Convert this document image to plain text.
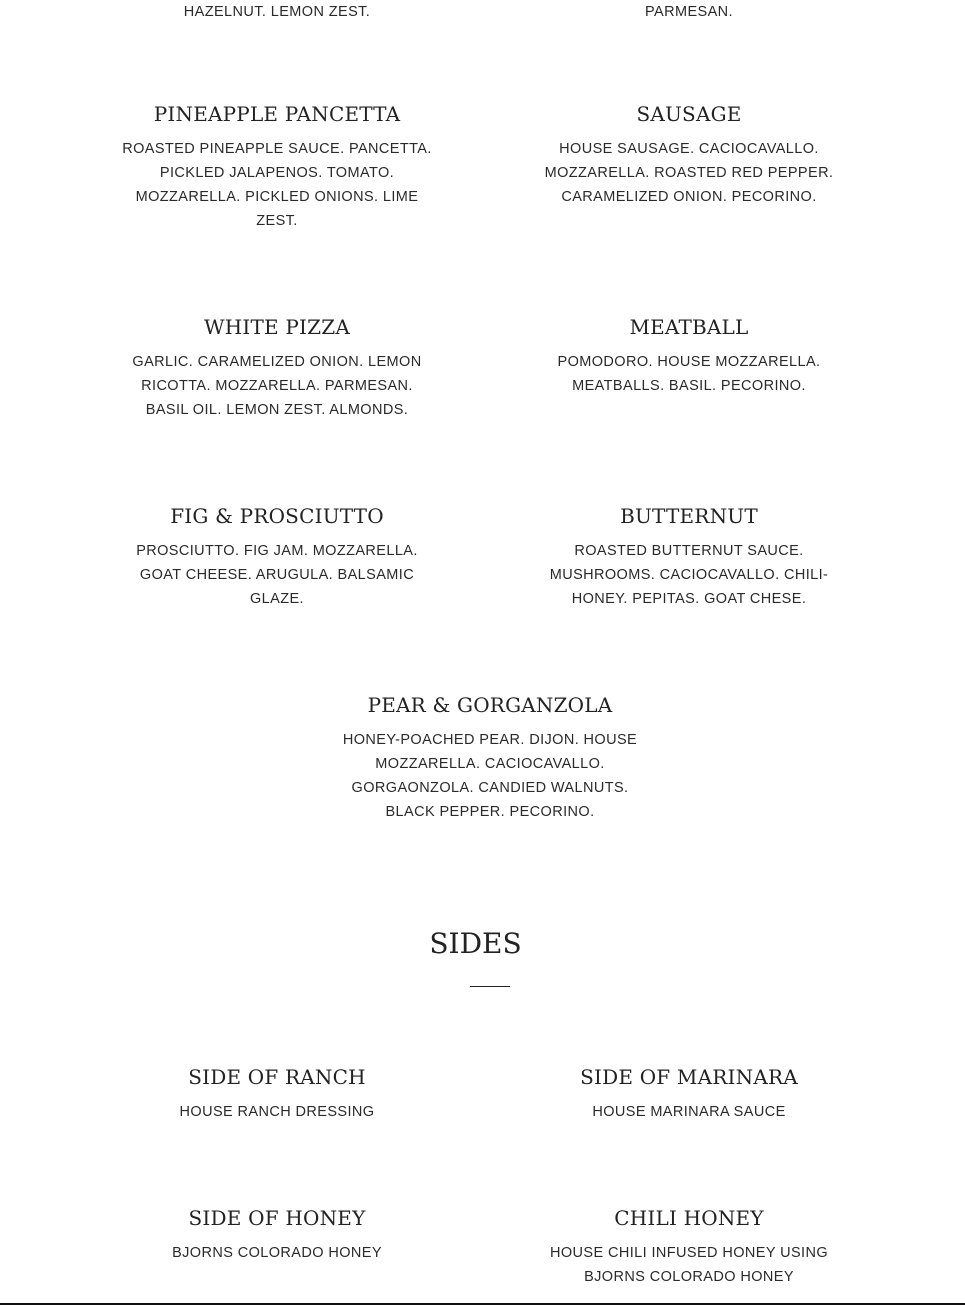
HAZELNUT. LEMON ZEST.	PARMESAN.

PINEAPPLE PANCETTA

ROASTED PINEAPPLE SAUCE. PANCETTA. PICKLED JALAPENOS. TOMATO. MOZZARELLA. PICKLED ONIONS. LIME ZEST.

SAUSAGE

HOUSE SAUSAGE. CACIOCAVALLO. MOZZARELLA. ROASTED RED PEPPER. CARAMELIZED ONION. PECORINO.

WHITE PIZZA

GARLIC. CARAMELIZED ONION. LEMON RICOTTA. MOZZARELLA. PARMESAN. BASIL OIL. LEMON ZEST. ALMONDS.

MEATBALL

POMODORO. HOUSE MOZZARELLA. MEATBALLS. BASIL. PECORINO.

FIG & PROSCIUTTO

PROSCIUTTO. FIG JAM. MOZZARELLA. GOAT CHEESE. ARUGULA. BALSAMIC GLAZE.

BUTTERNUT

ROASTED BUTTERNUT SAUCE. MUSHROOMS. CACIOCAVALLO. CHILI-HONEY. PEPITAS. GOAT CHESE.

PEAR & GORGANZOLA

HONEY-POACHED PEAR. DIJON. HOUSE MOZZARELLA. CACIOCAVALLO. GORGAONZOLA. CANDIED WALNUTS. BLACK PEPPER. PECORINO.

SIDES
SIDE OF RANCH

HOUSE RANCH DRESSING

SIDE OF MARINARA

HOUSE MARINARA SAUCE

SIDE OF HONEY

BJORNS COLORADO HONEY

CHILI HONEY

HOUSE CHILI INFUSED HONEY USING BJORNS COLORADO HONEY
